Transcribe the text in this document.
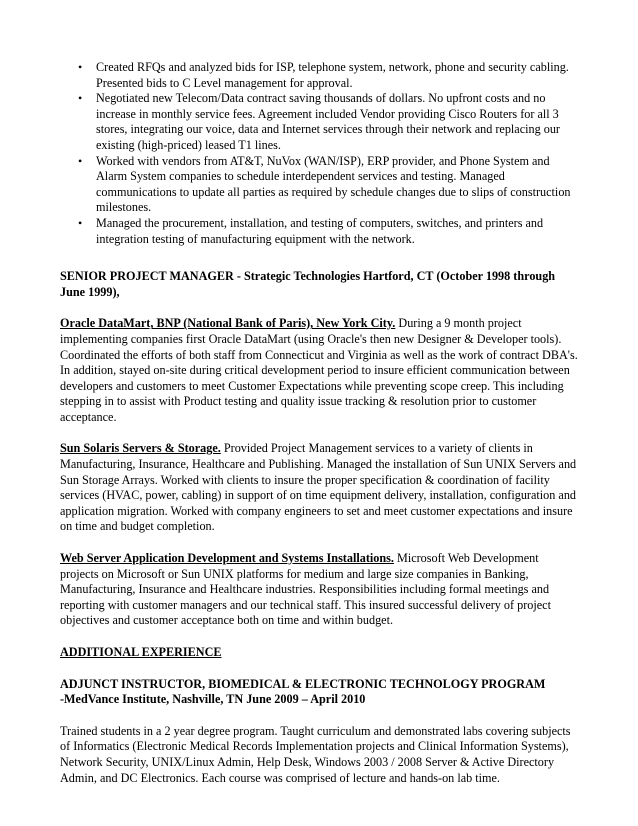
• Created RFQs and analyzed bids for ISP, telephone system, network, phone and security cabling. Presented bids to C Level management for approval.
• Negotiated new Telecom/Data contract saving thousands of dollars. No upfront costs and no increase in monthly service fees. Agreement included Vendor providing Cisco Routers for all 3 stores, integrating our voice, data and Internet services through their network and replacing our existing (high-priced) leased T1 lines.
• Worked with vendors from AT&T, NuVox (WAN/ISP), ERP provider, and Phone System and Alarm System companies to schedule interdependent services and testing. Managed communications to update all parties as required by schedule changes due to slips of construction milestones.
• Managed the procurement, installation, and testing of computers, switches, and printers and integration testing of manufacturing equipment with the network.

SENIOR PROJECT MANAGER - Strategic Technologies Hartford, CT (October 1998 through June 1999),

Oracle DataMart, BNP (National Bank of Paris), New York City. During a 9 month project implementing companies first Oracle DataMart (using Oracle's then new Designer & Developer tools). Coordinated the efforts of both staff from Connecticut and Virginia as well as the work of contract DBA's. In addition, stayed on-site during critical development period to insure efficient communication between developers and customers to meet Customer Expectations while preventing scope creep. This including stepping in to assist with Product testing and quality issue tracking & resolution prior to customer acceptance.

Sun Solaris Servers & Storage. Provided Project Management services to a variety of clients in Manufacturing, Insurance, Healthcare and Publishing. Managed the installation of Sun UNIX Servers and Sun Storage Arrays. Worked with clients to insure the proper specification & coordination of facility services (HVAC, power, cabling) in support of on time equipment delivery, installation, configuration and application migration. Worked with company engineers to set and meet customer expectations and insure on time and budget completion.

Web Server Application Development and Systems Installations. Microsoft Web Development projects on Microsoft or Sun UNIX platforms for medium and large size companies in Banking, Manufacturing, Insurance and Healthcare industries. Responsibilities including formal meetings and reporting with customer managers and our technical staff. This insured successful delivery of project objectives and customer acceptance both on time and within budget.

ADDITIONAL EXPERIENCE

ADJUNCT INSTRUCTOR, BIOMEDICAL & ELECTRONIC TECHNOLOGY PROGRAM

-MedVance Institute, Nashville, TN June 2009 – April 2010

Trained students in a 2 year degree program. Taught curriculum and demonstrated labs covering subjects of Informatics (Electronic Medical Records Implementation projects and Clinical Information Systems), Network Security, UNIX/Linux Admin, Help Desk, Windows 2003 / 2008 Server & Active Directory Admin, and DC Electronics. Each course was comprised of lecture and hands-on lab time.
